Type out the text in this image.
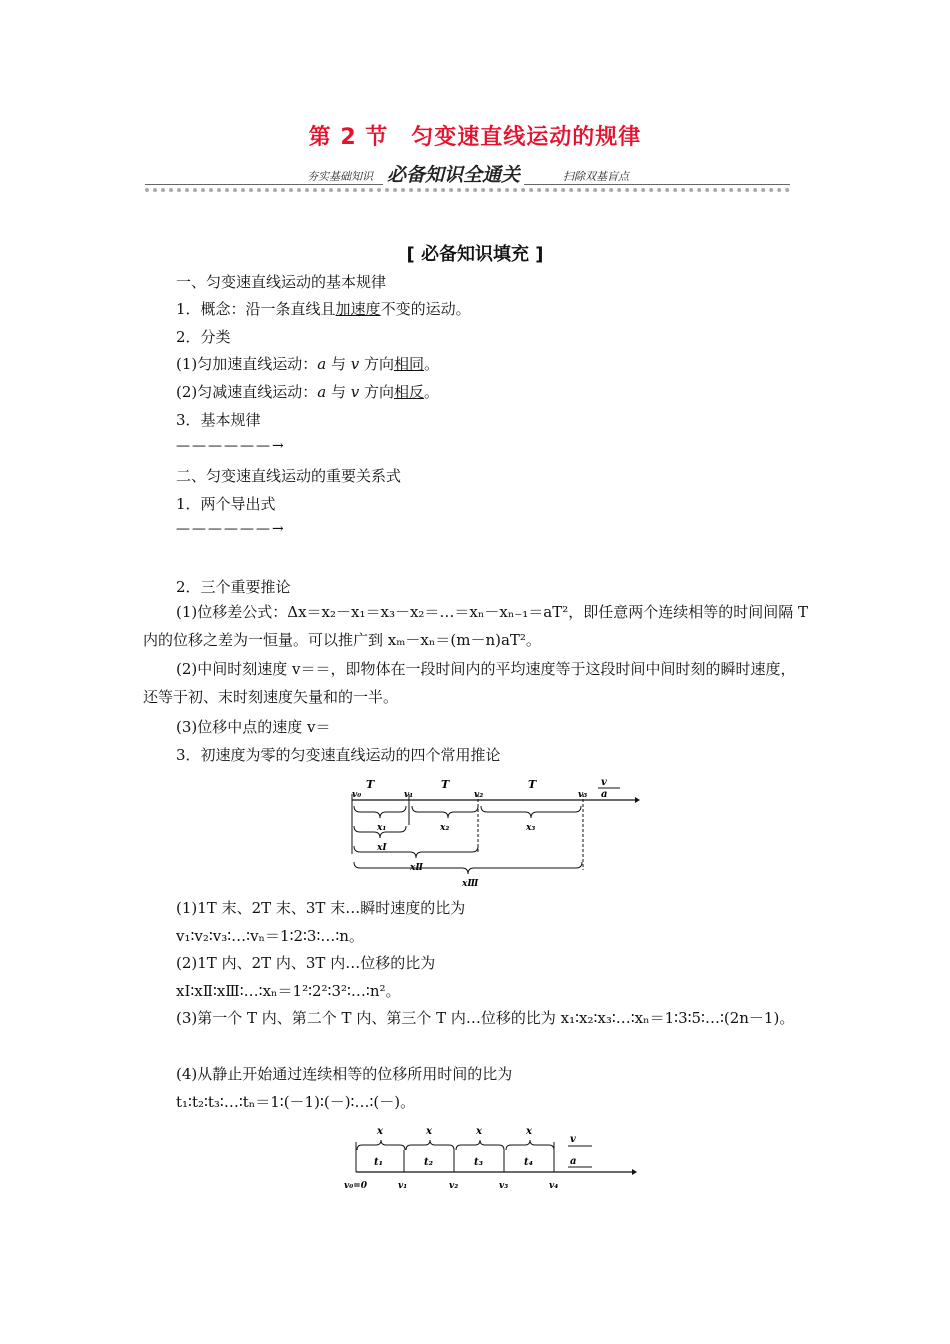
第 2 节　匀变速直线运动的规律
夯实基础知识 必备知识全通关	扫除双基盲点
[ 必备知识填充 ]
一、匀变速直线运动的基本规律
1．概念：沿一条直线且加速度不变的运动。
2．分类
(1)匀加速直线运动：a 与 v 方向相同。
(2)匀减速直线运动：a 与 v 方向相反。
3．基本规律
——————→
二、匀变速直线运动的重要关系式
1．两个导出式
——————→
2．三个重要推论
(1)位移差公式：Δx＝x₂－x₁＝x₃－x₂＝…＝xₙ－xₙ₋₁＝aT²，即任意两个连续相等的时间间隔 T 内的位移之差为一恒量。可以推广到 xₘ－xₙ＝(m－n)aT²。
(2)中间时刻速度 v＝＝，即物体在一段时间内的平均速度等于这段时间中间时刻的瞬时速度，还等于初、末时刻速度矢量和的一半。
(3)位移中点的速度 v＝
3．初速度为零的匀变速直线运动的四个常用推论
T	T	T
v₀	v₁	v₂	v₃
v
a
x₁	x₂	x₃
xⅠ
xⅡ
xⅢ
(1)1T 末、2T 末、3T 末…瞬时速度的比为
v₁∶v₂∶v₃∶…∶vₙ＝1∶2∶3∶…∶n。
(2)1T 内、2T 内、3T 内…位移的比为
xⅠ∶xⅡ∶xⅢ∶…∶xₙ＝1²∶2²∶3²∶…∶n²。
(3)第一个 T 内、第二个 T 内、第三个 T 内…位移的比为 x₁∶x₂∶x₃∶…∶xₙ＝1∶3∶5∶…∶(2n－1)。
(4)从静止开始通过连续相等的位移所用时间的比为
t₁∶t₂∶t₃∶…∶tₙ＝1∶(－1)∶(－)∶…∶(－)。
x	x	x	x
t₁	t₂	t₃	t₄
v₀=0	v₁	v₂	v₃	v₄
v
a
